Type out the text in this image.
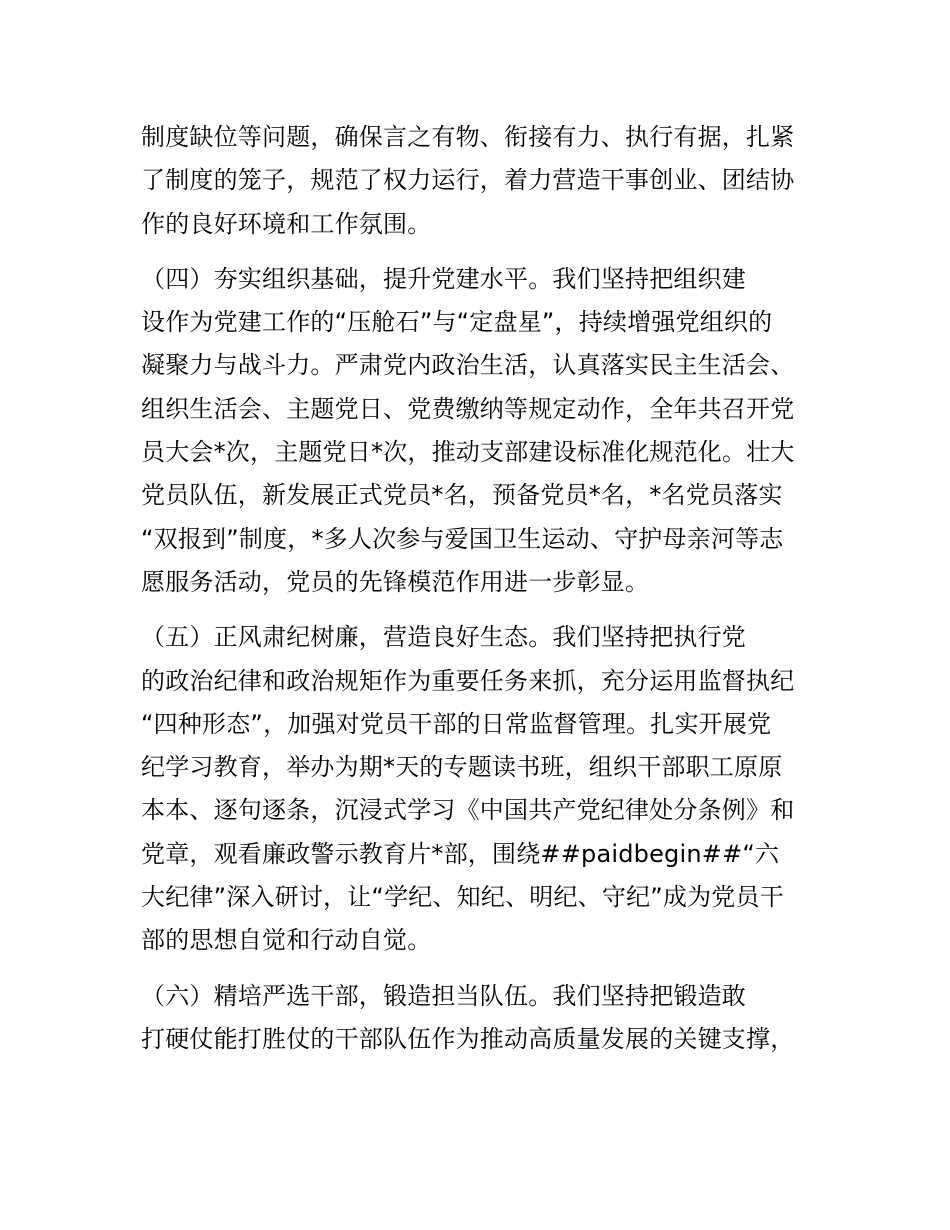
制度缺位等问题，确保言之有物、衔接有力、执行有据，扎紧
了制度的笼子，规范了权力运行，着力营造干事创业、团结协
作的良好环境和工作氛围。
（四）夯实组织基础，提升党建水平。我们坚持把组织建
设作为党建工作的“压舱石”与“定盘星”，持续增强党组织的
凝聚力与战斗力。严肃党内政治生活，认真落实民主生活会、
组织生活会、主题党日、党费缴纳等规定动作，全年共召开党
员大会*次，主题党日*次，推动支部建设标准化规范化。壮大
党员队伍，新发展正式党员*名，预备党员*名，*名党员落实
“双报到”制度，*多人次参与爱国卫生运动、守护母亲河等志
愿服务活动，党员的先锋模范作用进一步彰显。
（五）正风肃纪树廉，营造良好生态。我们坚持把执行党
的政治纪律和政治规矩作为重要任务来抓，充分运用监督执纪
“四种形态”，加强对党员干部的日常监督管理。扎实开展党
纪学习教育，举办为期*天的专题读书班，组织干部职工原原
本本、逐句逐条，沉浸式学习《中国共产党纪律处分条例》和
党章，观看廉政警示教育片*部，围绕##paidbegin##“六
大纪律”深入研讨，让“学纪、知纪、明纪、守纪”成为党员干
部的思想自觉和行动自觉。
（六）精培严选干部，锻造担当队伍。我们坚持把锻造敢
打硬仗能打胜仗的干部队伍作为推动高质量发展的关键支撑，
